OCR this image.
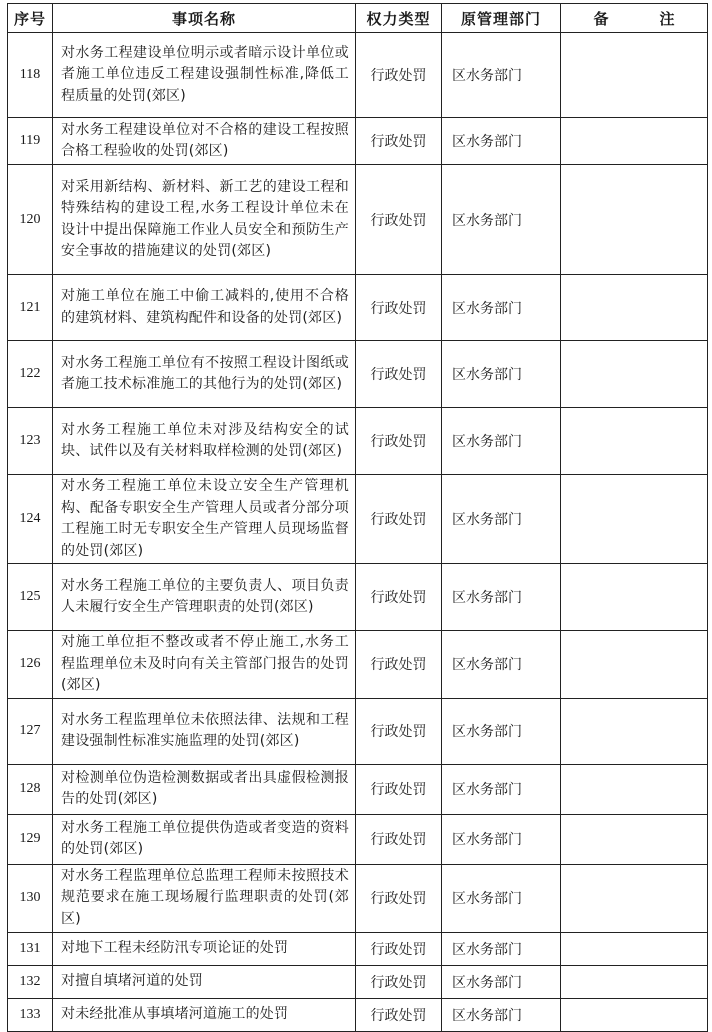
序号	事项名称	权力类型	原管理部门	备　注
118	对水务工程建设单位明示或者暗示设计单位或者施工单位违反工程建设强制性标准,降低工程质量的处罚(郊区)	行政处罚	区水务部门	
119	对水务工程建设单位对不合格的建设工程按照合格工程验收的处罚(郊区)	行政处罚	区水务部门	
120	对采用新结构、新材料、新工艺的建设工程和特殊结构的建设工程,水务工程设计单位未在设计中提出保障施工作业人员安全和预防生产安全事故的措施建议的处罚(郊区)	行政处罚	区水务部门	
121	对施工单位在施工中偷工减料的,使用不合格的建筑材料、建筑构配件和设备的处罚(郊区)	行政处罚	区水务部门	
122	对水务工程施工单位有不按照工程设计图纸或者施工技术标准施工的其他行为的处罚(郊区)	行政处罚	区水务部门	
123	对水务工程施工单位未对涉及结构安全的试块、试件以及有关材料取样检测的处罚(郊区)	行政处罚	区水务部门	
124	对水务工程施工单位未设立安全生产管理机构、配备专职安全生产管理人员或者分部分项工程施工时无专职安全生产管理人员现场监督的处罚(郊区)	行政处罚	区水务部门	
125	对水务工程施工单位的主要负责人、项目负责人未履行安全生产管理职责的处罚(郊区)	行政处罚	区水务部门	
126	对施工单位拒不整改或者不停止施工,水务工程监理单位未及时向有关主管部门报告的处罚(郊区)	行政处罚	区水务部门	
127	对水务工程监理单位未依照法律、法规和工程建设强制性标准实施监理的处罚(郊区)	行政处罚	区水务部门	
128	对检测单位伪造检测数据或者出具虚假检测报告的处罚(郊区)	行政处罚	区水务部门	
129	对水务工程施工单位提供伪造或者变造的资料的处罚(郊区)	行政处罚	区水务部门	
130	对水务工程监理单位总监理工程师未按照技术规范要求在施工现场履行监理职责的处罚(郊区)	行政处罚	区水务部门	
131	对地下工程未经防汛专项论证的处罚	行政处罚	区水务部门	
132	对擅自填堵河道的处罚	行政处罚	区水务部门	
133	对未经批准从事填堵河道施工的处罚	行政处罚	区水务部门	
